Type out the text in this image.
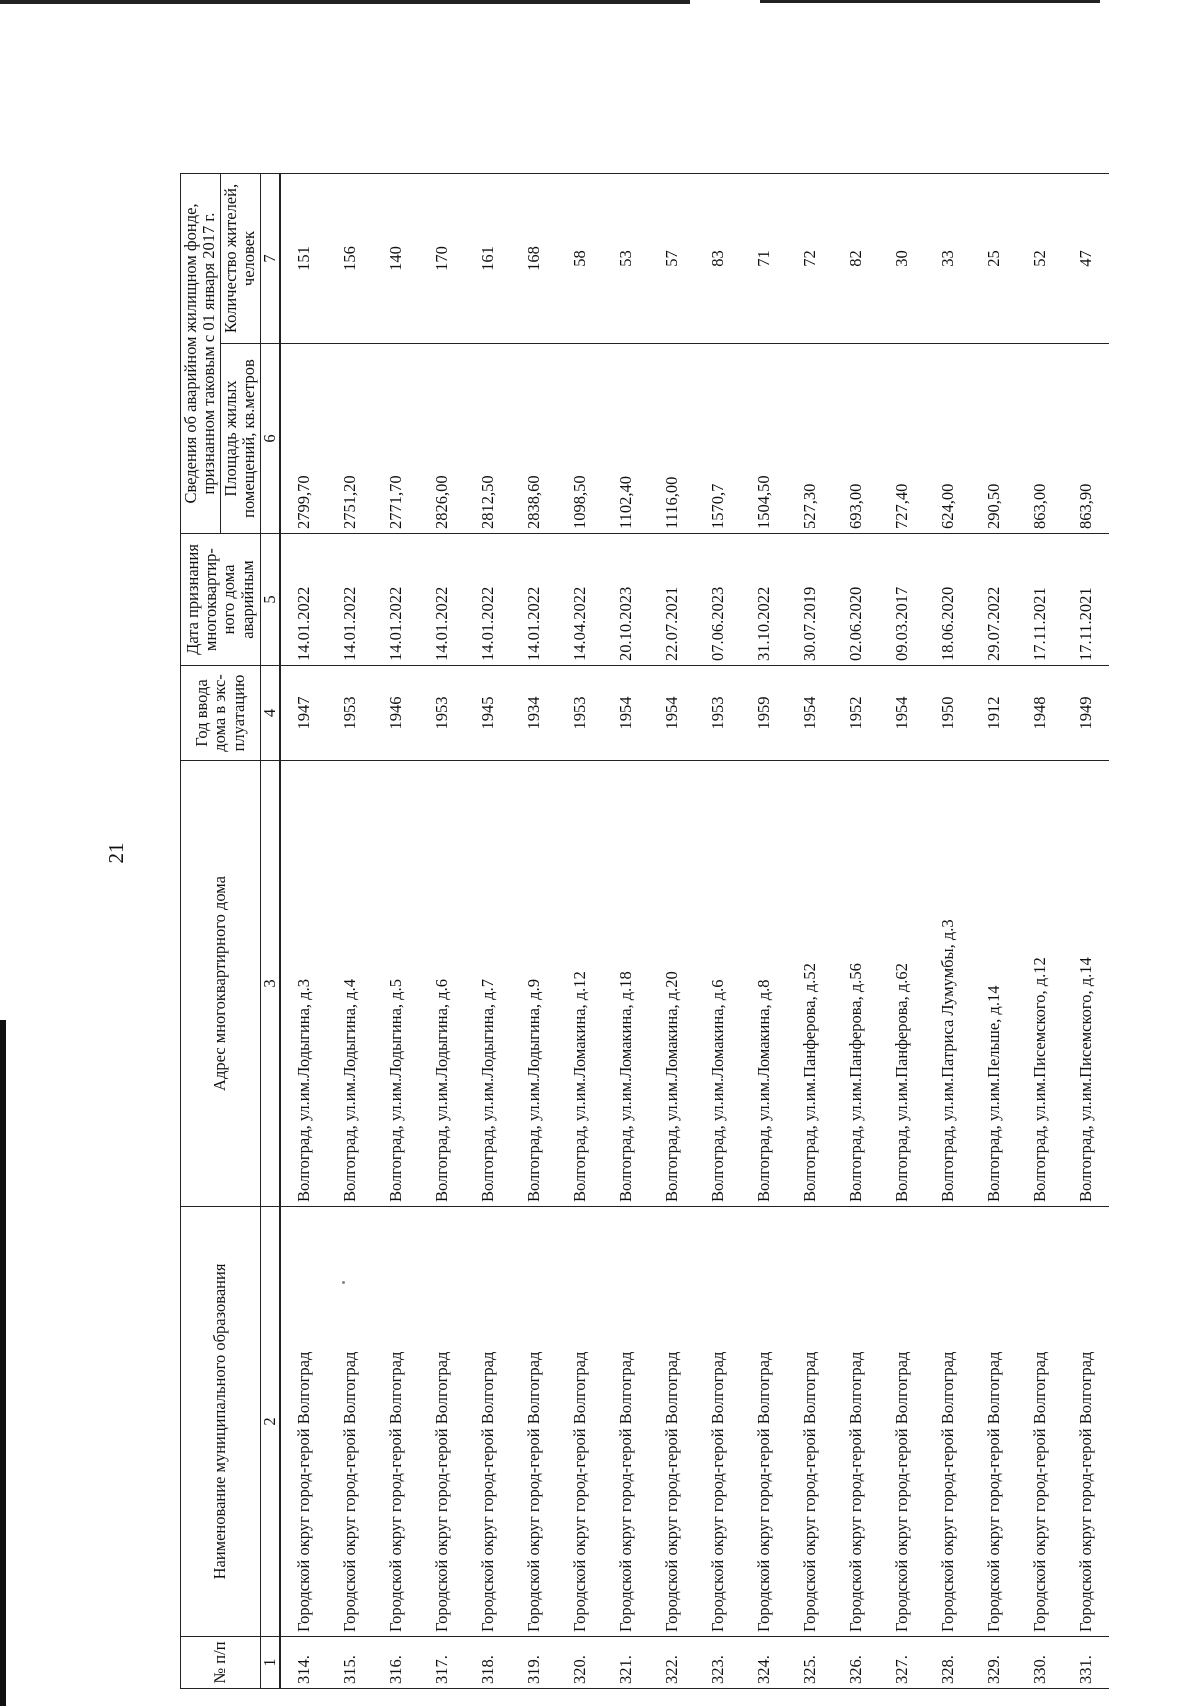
21
№ п/п	Наименование муниципального образования	Адрес многоквартирного дома	Год ввода дома в экс-плуатацию	Дата признания многоквартир-ного дома аварийным	Сведения об аварийном жилищном фонде, признанном таковым с 01 января 2017 г.	
					Площадь жилых помещений, кв.метров	Количество жителей, человек
1	2	3	4	5	6	7
314.	Городской округ город-герой Волгоград	Волгоград, ул.им.Лодыгина, д.3	1947	14.01.2022	2799,70	151
315.	Городской округ город-герой Волгоград	Волгоград, ул.им.Лодыгина, д.4	1953	14.01.2022	2751,20	156
316.	Городской округ город-герой Волгоград	Волгоград, ул.им.Лодыгина, д.5	1946	14.01.2022	2771,70	140
317.	Городской округ город-герой Волгоград	Волгоград, ул.им.Лодыгина, д.6	1953	14.01.2022	2826,00	170
318.	Городской округ город-герой Волгоград	Волгоград, ул.им.Лодыгина, д.7	1945	14.01.2022	2812,50	161
319.	Городской округ город-герой Волгоград	Волгоград, ул.им.Лодыгина, д.9	1934	14.01.2022	2838,60	168
320.	Городской округ город-герой Волгоград	Волгоград, ул.им.Ломакина, д.12	1953	14.04.2022	1098,50	58
321.	Городской округ город-герой Волгоград	Волгоград, ул.им.Ломакина, д.18	1954	20.10.2023	1102,40	53
322.	Городской округ город-герой Волгоград	Волгоград, ул.им.Ломакина, д.20	1954	22.07.2021	1116,00	57
323.	Городской округ город-герой Волгоград	Волгоград, ул.им.Ломакина, д.6	1953	07.06.2023	1570,7	83
324.	Городской округ город-герой Волгоград	Волгоград, ул.им.Ломакина, д.8	1959	31.10.2022	1504,50	71
325.	Городской округ город-герой Волгоград	Волгоград, ул.им.Панферова, д.52	1954	30.07.2019	527,30	72
326.	Городской округ город-герой Волгоград	Волгоград, ул.им.Панферова, д.56	1952	02.06.2020	693,00	82
327.	Городской округ город-герой Волгоград	Волгоград, ул.им.Панферова, д.62	1954	09.03.2017	727,40	30
328.	Городской округ город-герой Волгоград	Волгоград, ул.им.Патриса Лумумбы, д.3	1950	18.06.2020	624,00	33
329.	Городской округ город-герой Волгоград	Волгоград, ул.им.Пельше, д.14	1912	29.07.2022	290,50	25
330.	Городской округ город-герой Волгоград	Волгоград, ул.им.Писемского, д.12	1948	17.11.2021	863,00	52
331.	Городской округ город-герой Волгоград	Волгоград, ул.им.Писемского, д.14	1949	17.11.2021	863,90	47
